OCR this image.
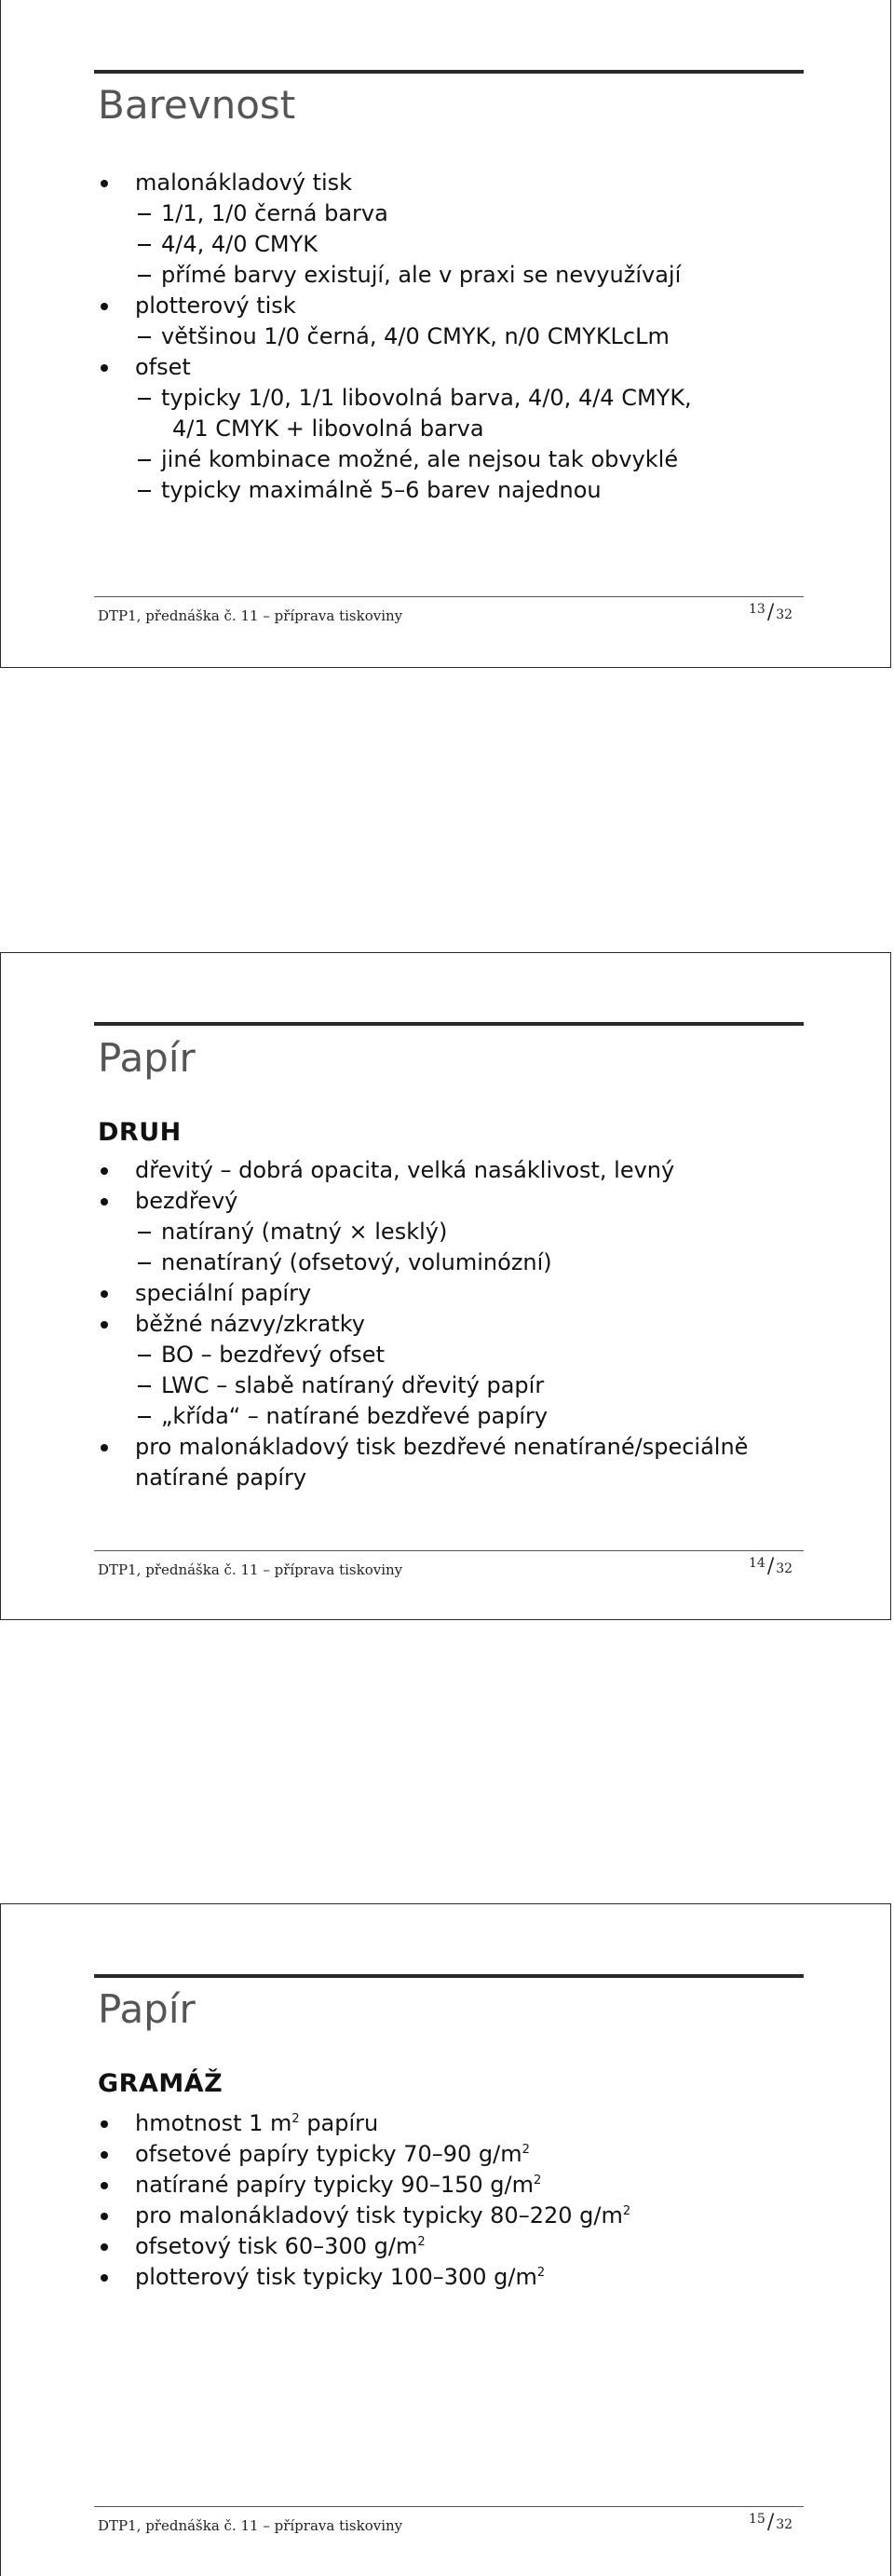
Barevnost
malonákladový tisk
1/1, 1/0 černá barva
4/4, 4/0 CMYK
přímé barvy existují, ale v praxi se nevyužívají
plotterový tisk
většinou 1/0 černá, 4/0 CMYK, n/0 CMYKLcLm
ofset
typicky 1/0, 1/1 libovolná barva, 4/0, 4/4 CMYK,
4/1 CMYK + libovolná barva
jiné kombinace možné, ale nejsou tak obvyklé
typicky maximálně 5–6 barev najednou
DTP1, přednáška č. 11 – příprava tiskoviny	13/ 32
Papír
DRUH
dřevitý – dobrá opacita, velká nasáklivost, levný
bezdřevý
natíraný (matný × lesklý)
nenatíraný (ofsetový, voluminózní)
speciální papíry
běžné názvy/zkratky
BO – bezdřevý ofset
LWC – slabě natíraný dřevitý papír
„křída“ – natírané bezdřevé papíry
pro malonákladový tisk bezdřevé nenatírané/speciálně
natírané papíry
DTP1, přednáška č. 11 – příprava tiskoviny	14/ 32
Papír
GRAMÁŽ
hmotnost 1 $m^2$ papíru
ofsetové papíry typicky 70–90 $g/m^2$
natírané papíry typicky 90–150 $g/m^2$
pro malonákladový tisk typicky 80–220 $g/m^2$
ofsetový tisk 60–300 $g/m^2$
plotterový tisk typicky 100–300 $g/m^2$
DTP1, přednáška č. 11 – příprava tiskoviny	15/ 32
